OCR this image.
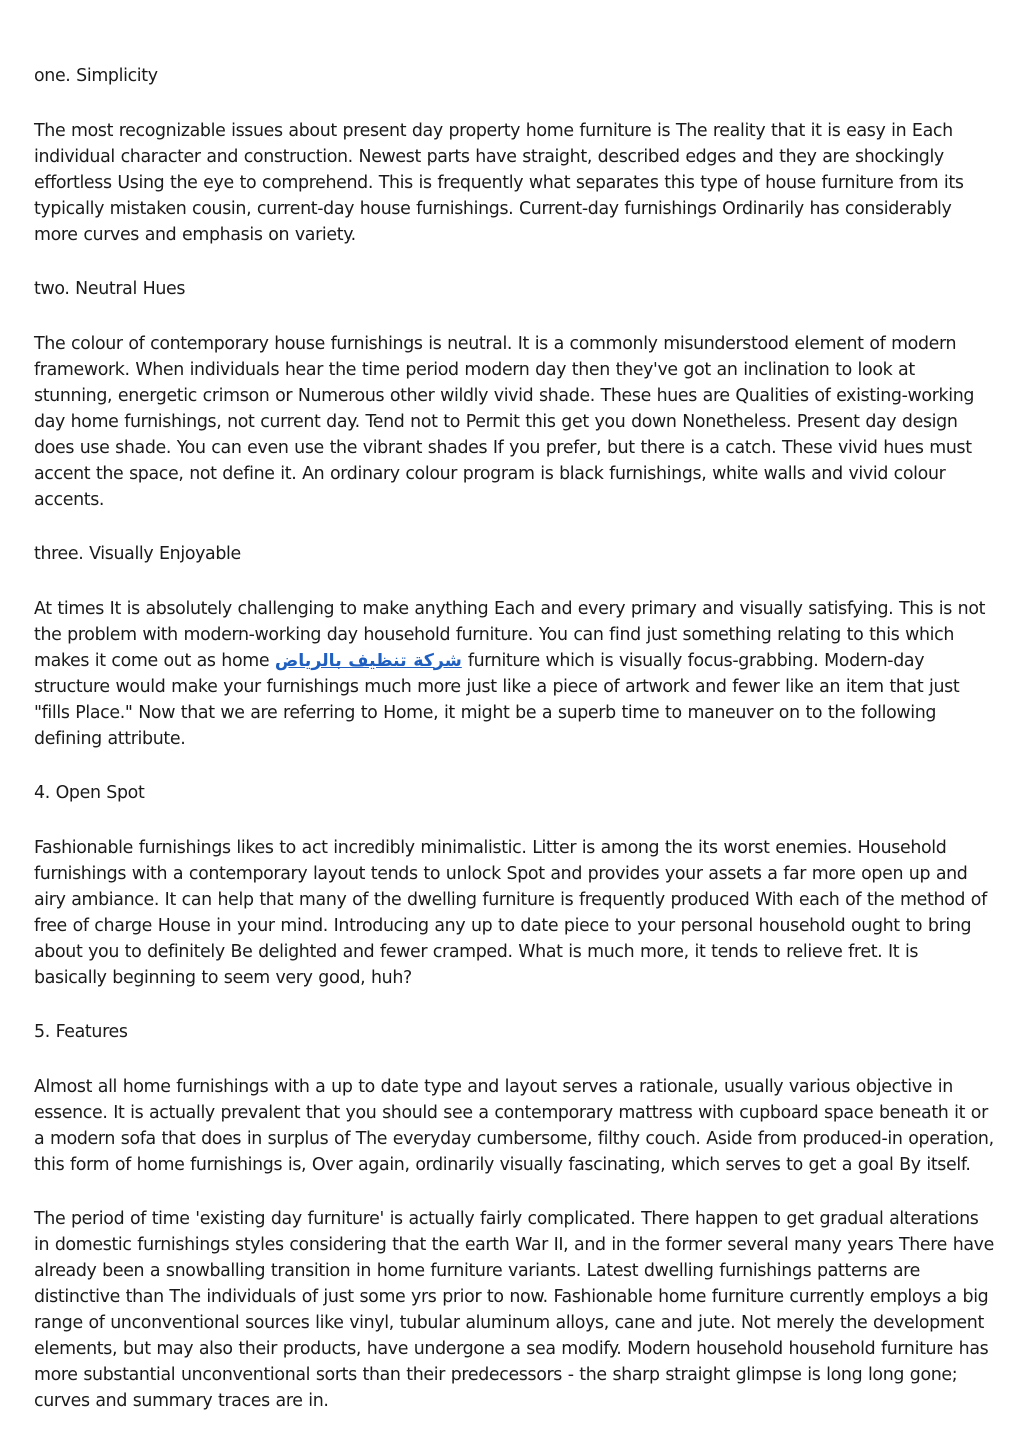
one. Simplicity

The most recognizable issues about present day property home furniture is The reality that it is easy in Each individual character and construction. Newest parts have straight, described edges and they are shockingly effortless Using the eye to comprehend. This is frequently what separates this type of house furniture from its typically mistaken cousin, current-day house furnishings. Current-day furnishings Ordinarily has considerably more curves and emphasis on variety.

two. Neutral Hues

The colour of contemporary house furnishings is neutral. It is a commonly misunderstood element of modern framework. When individuals hear the time period modern day then they've got an inclination to look at stunning, energetic crimson or Numerous other wildly vivid shade. These hues are Qualities of existing-working day home furnishings, not current day. Tend not to Permit this get you down Nonetheless. Present day design does use shade. You can even use the vibrant shades If you prefer, but there is a catch. These vivid hues must accent the space, not define it. An ordinary colour program is black furnishings, white walls and vivid colour accents.

three. Visually Enjoyable

At times It is absolutely challenging to make anything Each and every primary and visually satisfying. This is not the problem with modern-working day household furniture. You can find just something relating to this which makes it come out as home شركة تنظيف بالرياض furniture which is visually focus-grabbing. Modern-day structure would make your furnishings much more just like a piece of artwork and fewer like an item that just "fills Place." Now that we are referring to Home, it might be a superb time to maneuver on to the following defining attribute.

4. Open Spot

Fashionable furnishings likes to act incredibly minimalistic. Litter is among the its worst enemies. Household furnishings with a contemporary layout tends to unlock Spot and provides your assets a far more open up and airy ambiance. It can help that many of the dwelling furniture is frequently produced With each of the method of free of charge House in your mind. Introducing any up to date piece to your personal household ought to bring about you to definitely Be delighted and fewer cramped. What is much more, it tends to relieve fret. It is basically beginning to seem very good, huh?

5. Features

Almost all home furnishings with a up to date type and layout serves a rationale, usually various objective in essence. It is actually prevalent that you should see a contemporary mattress with cupboard space beneath it or a modern sofa that does in surplus of The everyday cumbersome, filthy couch. Aside from produced-in operation, this form of home furnishings is, Over again, ordinarily visually fascinating, which serves to get a goal By itself.

The period of time 'existing day furniture' is actually fairly complicated. There happen to get gradual alterations in domestic furnishings styles considering that the earth War II, and in the former several many years There have already been a snowballing transition in home furniture variants. Latest dwelling furnishings patterns are distinctive than The individuals of just some yrs prior to now. Fashionable home furniture currently employs a big range of unconventional sources like vinyl, tubular aluminum alloys, cane and jute. Not merely the development elements, but may also their products, have undergone a sea modify. Modern household household furniture has more substantial unconventional sorts than their predecessors - the sharp straight glimpse is long long gone; curves and summary traces are in.
